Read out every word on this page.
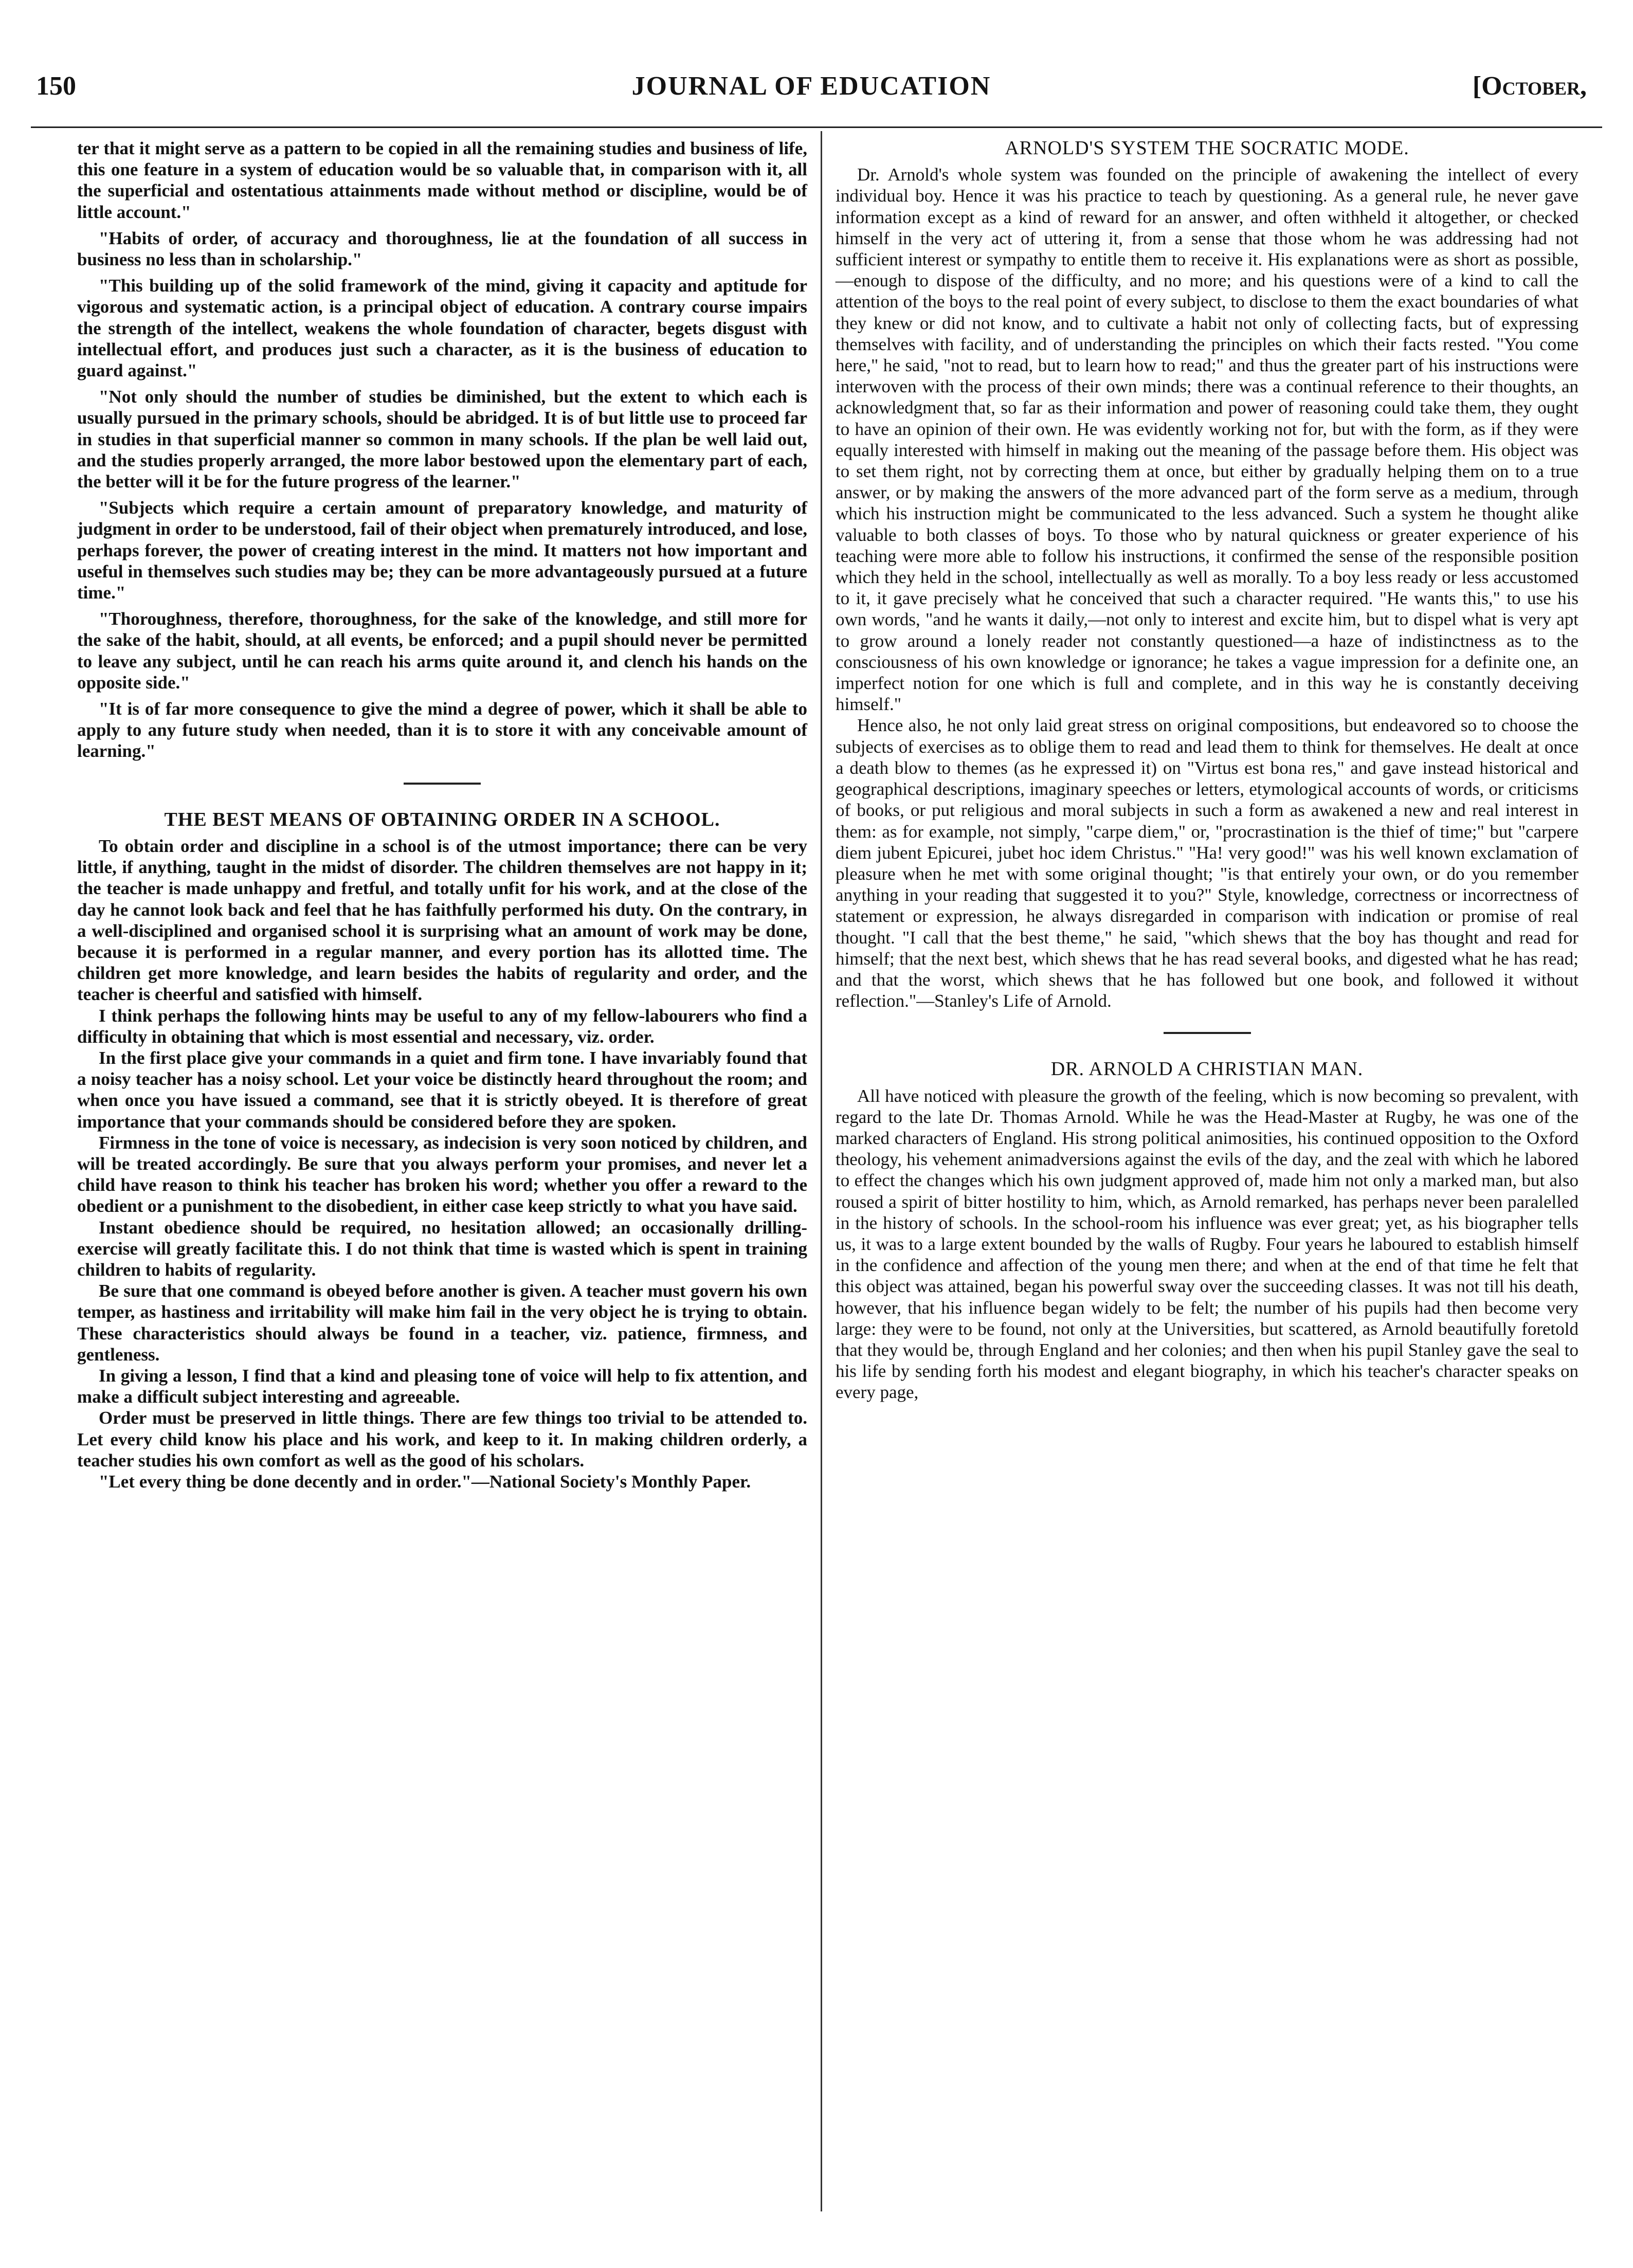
150	JOURNAL OF EDUCATION	[October,

ter that it might serve as a pattern to be copied in all the remaining studies and business of life, this one feature in a system of education would be so valuable that, in comparison with it, all the superficial and ostentatious attainments made without method or discipline, would be of little account."

"Habits of order, of accuracy and thoroughness, lie at the foundation of all success in business no less than in scholarship."

"This building up of the solid framework of the mind, giving it capacity and aptitude for vigorous and systematic action, is a principal object of education. A contrary course impairs the strength of the intellect, weakens the whole foundation of character, begets disgust with intellectual effort, and produces just such a character, as it is the business of education to guard against."

"Not only should the number of studies be diminished, but the extent to which each is usually pursued in the primary schools, should be abridged. It is of but little use to proceed far in studies in that superficial manner so common in many schools. If the plan be well laid out, and the studies properly arranged, the more labor bestowed upon the elementary part of each, the better will it be for the future progress of the learner."

"Subjects which require a certain amount of preparatory knowledge, and maturity of judgment in order to be understood, fail of their object when prematurely introduced, and lose, perhaps forever, the power of creating interest in the mind. It matters not how important and useful in themselves such studies may be; they can be more advantageously pursued at a future time."

"Thoroughness, therefore, thoroughness, for the sake of the knowledge, and still more for the sake of the habit, should, at all events, be enforced; and a pupil should never be permitted to leave any subject, until he can reach his arms quite around it, and clench his hands on the opposite side."

"It is of far more consequence to give the mind a degree of power, which it shall be able to apply to any future study when needed, than it is to store it with any conceivable amount of learning."

THE BEST MEANS OF OBTAINING ORDER IN A SCHOOL.

To obtain order and discipline in a school is of the utmost importance; there can be very little, if anything, taught in the midst of disorder. The children themselves are not happy in it; the teacher is made unhappy and fretful, and totally unfit for his work, and at the close of the day he cannot look back and feel that he has faithfully performed his duty. On the contrary, in a well-disciplined and organised school it is surprising what an amount of work may be done, because it is performed in a regular manner, and every portion has its allotted time. The children get more knowledge, and learn besides the habits of regularity and order, and the teacher is cheerful and satisfied with himself.

I think perhaps the following hints may be useful to any of my fellow-labourers who find a difficulty in obtaining that which is most essential and necessary, viz. order.

In the first place give your commands in a quiet and firm tone. I have invariably found that a noisy teacher has a noisy school. Let your voice be distinctly heard throughout the room; and when once you have issued a command, see that it is strictly obeyed. It is therefore of great importance that your commands should be considered before they are spoken.

Firmness in the tone of voice is necessary, as indecision is very soon noticed by children, and will be treated accordingly. Be sure that you always perform your promises, and never let a child have reason to think his teacher has broken his word; whether you offer a reward to the obedient or a punishment to the disobedient, in either case keep strictly to what you have said.

Instant obedience should be required, no hesitation allowed; an occasionally drilling-exercise will greatly facilitate this. I do not think that time is wasted which is spent in training children to habits of regularity.

Be sure that one command is obeyed before another is given. A teacher must govern his own temper, as hastiness and irritability will make him fail in the very object he is trying to obtain. These characteristics should always be found in a teacher, viz. patience, firmness, and gentleness.

In giving a lesson, I find that a kind and pleasing tone of voice will help to fix attention, and make a difficult subject interesting and agreeable.

Order must be preserved in little things. There are few things too trivial to be attended to. Let every child know his place and his work, and keep to it. In making children orderly, a teacher studies his own comfort as well as the good of his scholars.

"Let every thing be done decently and in order."—National Society's Monthly Paper.

ARNOLD'S SYSTEM THE SOCRATIC MODE.

Dr. Arnold's whole system was founded on the principle of awakening the intellect of every individual boy. Hence it was his practice to teach by questioning. As a general rule, he never gave information except as a kind of reward for an answer, and often withheld it altogether, or checked himself in the very act of uttering it, from a sense that those whom he was addressing had not sufficient interest or sympathy to entitle them to receive it. His explanations were as short as possible,—enough to dispose of the difficulty, and no more; and his questions were of a kind to call the attention of the boys to the real point of every subject, to disclose to them the exact boundaries of what they knew or did not know, and to cultivate a habit not only of collecting facts, but of expressing themselves with facility, and of understanding the principles on which their facts rested. "You come here," he said, "not to read, but to learn how to read;" and thus the greater part of his instructions were interwoven with the process of their own minds; there was a continual reference to their thoughts, an acknowledgment that, so far as their information and power of reasoning could take them, they ought to have an opinion of their own. He was evidently working not for, but with the form, as if they were equally interested with himself in making out the meaning of the passage before them. His object was to set them right, not by correcting them at once, but either by gradually helping them on to a true answer, or by making the answers of the more advanced part of the form serve as a medium, through which his instruction might be communicated to the less advanced. Such a system he thought alike valuable to both classes of boys. To those who by natural quickness or greater experience of his teaching were more able to follow his instructions, it confirmed the sense of the responsible position which they held in the school, intellectually as well as morally. To a boy less ready or less accustomed to it, it gave precisely what he conceived that such a character required. "He wants this," to use his own words, "and he wants it daily,—not only to interest and excite him, but to dispel what is very apt to grow around a lonely reader not constantly questioned—a haze of indistinctness as to the consciousness of his own knowledge or ignorance; he takes a vague impression for a definite one, an imperfect notion for one which is full and complete, and in this way he is constantly deceiving himself."

Hence also, he not only laid great stress on original compositions, but endeavored so to choose the subjects of exercises as to oblige them to read and lead them to think for themselves. He dealt at once a death blow to themes (as he expressed it) on "Virtus est bona res," and gave instead historical and geographical descriptions, imaginary speeches or letters, etymological accounts of words, or criticisms of books, or put religious and moral subjects in such a form as awakened a new and real interest in them: as for example, not simply, "carpe diem," or, "procrastination is the thief of time;" but "carpere diem jubent Epicurei, jubet hoc idem Christus." "Ha! very good!" was his well known exclamation of pleasure when he met with some original thought; "is that entirely your own, or do you remember anything in your reading that suggested it to you?" Style, knowledge, correctness or incorrectness of statement or expression, he always disregarded in comparison with indication or promise of real thought. "I call that the best theme," he said, "which shews that the boy has thought and read for himself; that the next best, which shews that he has read several books, and digested what he has read; and that the worst, which shews that he has followed but one book, and followed it without reflection."—Stanley's Life of Arnold.

DR. ARNOLD A CHRISTIAN MAN.

All have noticed with pleasure the growth of the feeling, which is now becoming so prevalent, with regard to the late Dr. Thomas Arnold. While he was the Head-Master at Rugby, he was one of the marked characters of England. His strong political animosities, his continued opposition to the Oxford theology, his vehement animadversions against the evils of the day, and the zeal with which he labored to effect the changes which his own judgment approved of, made him not only a marked man, but also roused a spirit of bitter hostility to him, which, as Arnold remarked, has perhaps never been paralelled in the history of schools. In the school-room his influence was ever great; yet, as his biographer tells us, it was to a large extent bounded by the walls of Rugby. Four years he laboured to establish himself in the confidence and affection of the young men there; and when at the end of that time he felt that this object was attained, began his powerful sway over the succeeding classes. It was not till his death, however, that his influence began widely to be felt; the number of his pupils had then become very large: they were to be found, not only at the Universities, but scattered, as Arnold beautifully foretold that they would be, through England and her colonies; and then when his pupil Stanley gave the seal to his life by sending forth his modest and elegant biography, in which his teacher's character speaks on every page,
